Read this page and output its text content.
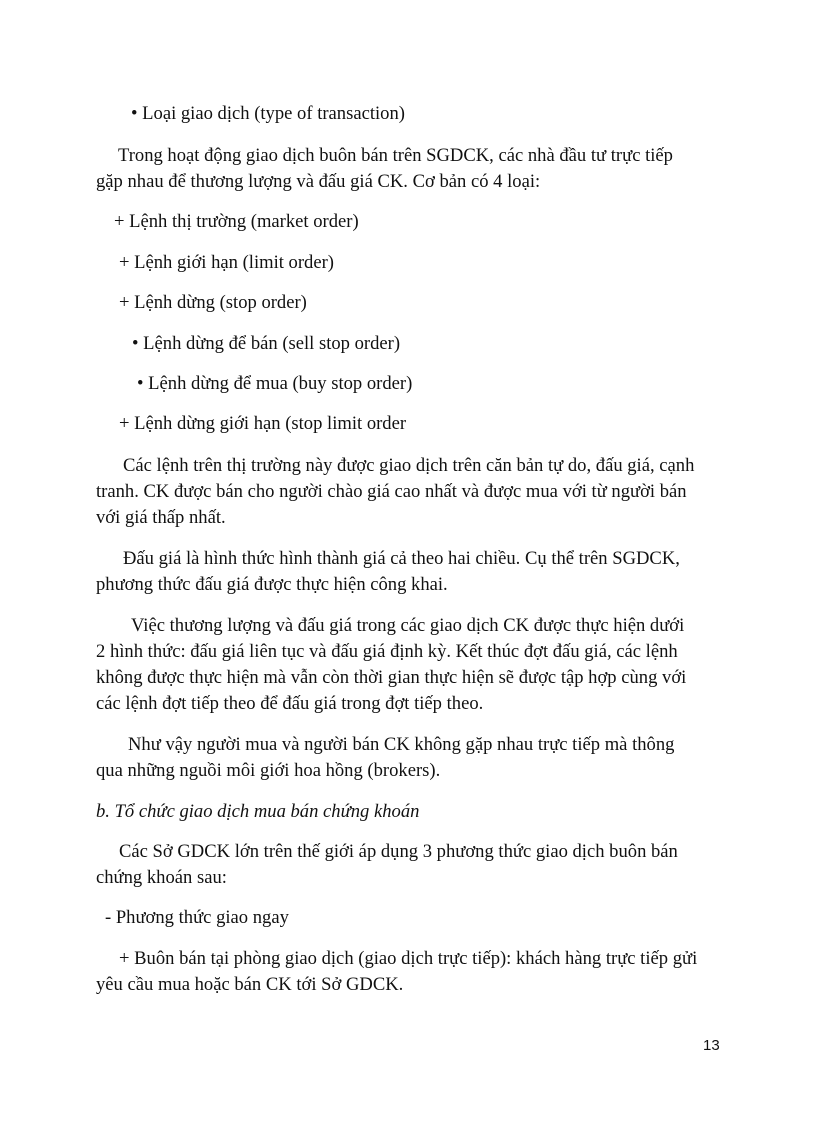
• Loại giao dịch (type of transaction)
Trong hoạt động giao dịch buôn bán trên SGDCK, các nhà đầu tư trực tiếp
gặp nhau để thương lượng và đấu giá CK. Cơ bản có 4 loại:
+ Lệnh thị trường (market order)
+ Lệnh giới hạn (limit order)
+ Lệnh dừng (stop order)
• Lệnh dừng để bán (sell stop order)
• Lệnh dừng để mua (buy stop order)
+ Lệnh dừng giới hạn (stop limit order
Các lệnh trên thị trường này được giao dịch trên căn bản tự do, đấu giá, cạnh
tranh. CK được bán cho người chào giá cao nhất và được mua với từ người bán
với giá thấp nhất.
Đấu giá là hình thức hình thành giá cả theo hai chiều. Cụ thể trên SGDCK,
phương thức đấu giá được thực hiện công khai.
Việc thương lượng và đấu giá trong các giao dịch CK được thực hiện dưới
2 hình thức: đấu giá liên tục và đấu giá định kỳ. Kết thúc đợt đấu giá, các lệnh
không được thực hiện mà vẫn còn thời gian thực hiện sẽ được tập hợp cùng với
các lệnh đợt tiếp theo để đấu giá trong đợt tiếp theo.
Như vậy người mua và người bán CK không gặp nhau trực tiếp mà thông
qua những nguồi môi giới hoa hồng (brokers).
b. Tổ chức giao dịch mua bán chứng khoán
Các Sở GDCK lớn trên thế giới áp dụng 3 phương thức giao dịch buôn bán
chứng khoán sau:
- Phương thức giao ngay
+ Buôn bán tại phòng giao dịch (giao dịch trực tiếp): khách hàng trực tiếp gửi
yêu cầu mua hoặc bán CK tới Sở GDCK.
13
